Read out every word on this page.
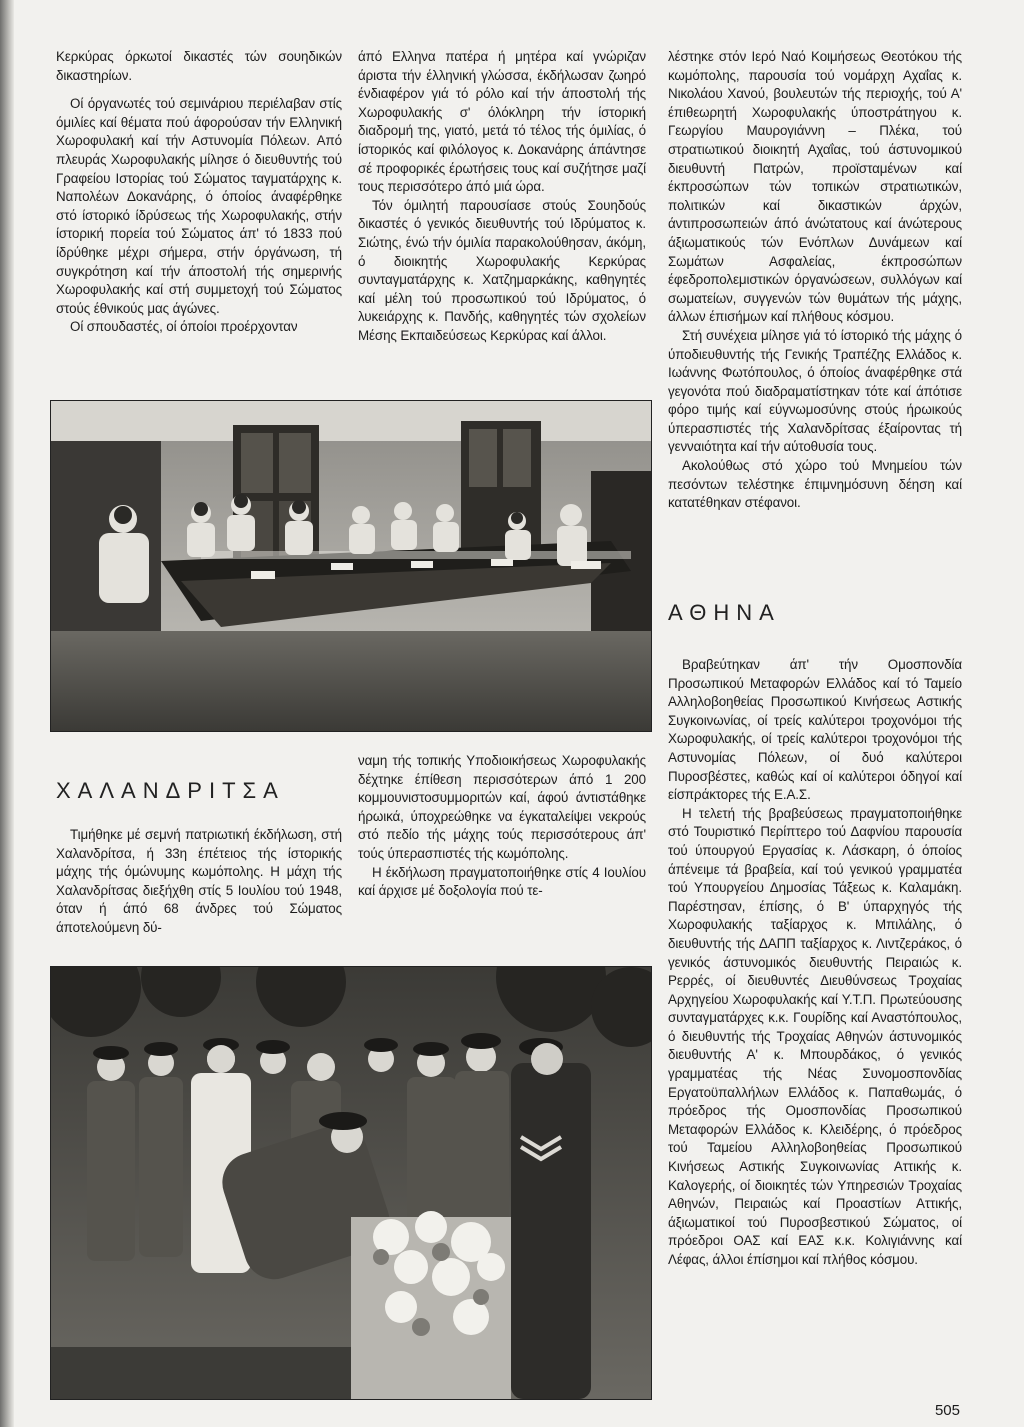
Κερκύρας όρκωτοί δικαστές τών σουηδικών δικαστηρίων.

Οί όργανωτές τού σεμινάριου περιέλαβαν στίς όμιλίες καί θέματα πού άφορούσαν τήν Ελληνική Χωροφυλακή καί τήν Αστυνομία Πόλεων. Από πλευράς Χωροφυλακής μίλησε ό διευθυντής τού Γραφείου Ιστορίας τού Σώματος ταγματάρχης κ. Ναπολέων Δοκανάρης, ό όποίος άναφέρθηκε στό ίστορικό ίδρύσεως τής Χωροφυλακής, στήν ίστορική πορεία τού Σώματος άπ' τό 1833 πού ίδρύθηκε μέχρι σήμερα, στήν όργάνωση, τή συγκρότηση καί τήν άποστολή τής σημερινής Χωροφυλακής καί στή συμμετοχή τού Σώματος στούς έθνικούς μας άγώνες.

Οί σπουδαστές, οί όποίοι προέρχονταν

άπό Ελληνα πατέρα ή μητέρα καί γνώριζαν άριστα τήν έλληνική γλώσσα, έκδήλωσαν ζωηρό ένδιαφέρον γιά τό ρόλο καί τήν άποστολή τής Χωροφυλακής σ' όλόκληρη τήν ίστορική διαδρομή της, γιατό, μετά τό τέλος τής όμιλίας, ό ίστορικός καί φιλόλογος κ. Δοκανάρης άπάντησε σέ προφορικές έρωτήσεις τους καί συζήτησε μαζί τους περισσότερο άπό μιά ώρα.

Τόν όμιλητή παρουσίασε στούς Σουηδούς δικαστές ό γενικός διευθυντής τού Ιδρύματος κ. Σιώτης, ένώ τήν όμιλία παρακολούθησαν, άκόμη, ό διοικητής Χωροφυλακής Κερκύρας συνταγματάρχης κ. Χατζημαρκάκης, καθηγητές καί μέλη τού προσωπικού τού Ιδρύματος, ό λυκειάρχης κ. Πανδής, καθηγητές τών σχολείων Μέσης Εκπαιδεύσεως Κερκύρας καί άλλοι.

λέστηκε στόν Ιερό Ναό Κοιμήσεως Θεοτόκου τής κωμόπολης, παρουσία τού νομάρχη Αχαΐας κ. Νικολάου Χανού, βουλευτών τής περιοχής, τού Α' έπιθεωρητή Χωροφυλακής ύποστράτηγου κ. Γεωργίου Μαυρογιάννη – Πλέκα, τού στρατιωτικού διοικητή Αχαΐας, τού άστυνομικού διευθυντή Πατρών, προϊσταμένων καί έκπροσώπων τών τοπικών στρατιωτικών, πολιτικών καί δικαστικών άρχών, άντιπροσωπειών άπό άνώτατους καί άνώτερους άξιωματικούς τών Ενόπλων Δυνάμεων καί Σωμάτων Ασφαλείας, έκπροσώπων έφεδροπολεμιστικών όργανώσεων, συλλόγων καί σωματείων, συγγενών τών θυμάτων τής μάχης, άλλων έπισήμων καί πλήθους κόσμου.

Στή συνέχεια μίλησε γιά τό ίστορικό τής μάχης ό ύποδιευθυντής τής Γενικής Τραπέζης Ελλάδος κ. Ιωάννης Φωτόπουλος, ό όποίος άναφέρθηκε στά γεγονότα πού διαδραματίστηκαν τότε καί άπότισε φόρο τιμής καί εύγνωμοσύνης στούς ήρωικούς ύπερασπιστές τής Χαλανδρίτσας έξαίροντας τή γενναιότητα καί τήν αύτοθυσία τους.

Ακολούθως στό χώρο τού Μνημείου τών πεσόντων τελέστηκε έπιμνημόσυνη δέηση καί κατατέθηκαν στέφανοι.

ΑΘΗΝΑ

Βραβεύτηκαν άπ' τήν Ομοσπονδία Προσωπικού Μεταφορών Ελλάδος καί τό Ταμείο Αλληλοβοηθείας Προσωπικού Κινήσεως Αστικής Συγκοινωνίας, οί τρείς καλύτεροι τροχονόμοι τής Χωροφυλακής, οί τρείς καλύτεροι τροχονόμοι τής Αστυνομίας Πόλεων, οί δυό καλύτεροι Πυροσβέστες, καθώς καί οί καλύτεροι όδηγοί καί είσπράκτορες τής Ε.Α.Σ.

Η τελετή τής βραβεύσεως πραγματοποιήθηκε στό Τουριστικό Περίπτερο τού Δαφνίου παρουσία τού ύπουργού Εργασίας κ. Λάσκαρη, ό όποίος άπένειμε τά βραβεία, καί τού γενικού γραμματέα τού Υπουργείου Δημοσίας Τάξεως κ. Καλαμάκη. Παρέστησαν, έπίσης, ό Β' ύπαρχηγός τής Χωροφυλακής ταξίαρχος κ. Μπιλάλης, ό διευθυντής τής ΔΑΠΠ ταξίαρχος κ. Λιντζεράκος, ό γενικός άστυνομικός διευθυντής Πειραιώς κ. Ρερρές, οί διευθυντές Διευθύνσεως Τροχαίας Αρχηγείου Χωροφυλακής καί Υ.Τ.Π. Πρωτεύουσης συνταγματάρχες κ.κ. Γουρίδης καί Αναστόπουλος, ό διευθυντής τής Τροχαίας Αθηνών άστυνομικός διευθυντής Α' κ. Μπουρδάκος, ό γενικός γραμματέας τής Νέας Συνομοσπονδίας Εργατοϋπαλλήλων Ελλάδος κ. Παπαθωμάς, ό πρόεδρος τής Ομοσπονδίας Προσωπικού Μεταφορών Ελλάδος κ. Κλειδέρης, ό πρόεδρος τού Ταμείου Αλληλοβοηθείας Προσωπικού Κινήσεως Αστικής Συγκοινωνίας Αττικής κ. Καλογερής, οί διοικητές τών Υπηρεσιών Τροχαίας Αθηνών, Πειραιώς καί Προαστίων Αττικής, άξιωματικοί τού Πυροσβεστικού Σώματος, οί πρόεδροι ΟΑΣ καί ΕΑΣ κ.κ. Κολιγιάννης καί Λέφας, άλλοι έπίσημοι καί πλήθος κόσμου.

ΧΑΛΑΝΔΡΙΤΣΑ

Τιμήθηκε μέ σεμνή πατριωτική έκδήλωση, στή Χαλανδρίτσα, ή 33η έπέτειος τής ίστορικής μάχης τής όμώνυμης κωμόπολης. Η μάχη τής Χαλανδρίτσας διεξήχθη στίς 5 Ιουλίου τού 1948, όταν ή άπό 68 άνδρες τού Σώματος άποτελούμενη δύ-

ναμη τής τοπικής Υποδιοικήσεως Χωροφυλακής δέχτηκε έπίθεση περισσότερων άπό 1 200 κομμουνιστοσυμμοριτών καί, άφού άντιστάθηκε ήρωικά, ύποχρεώθηκε να έγκαταλείψει νεκρούς στό πεδίο τής μάχης τούς περισσότερους άπ' τούς ύπερασπιστές τής κωμόπολης.

Η έκδήλωση πραγματοποιήθηκε στίς 4 Ιουλίου καί άρχισε μέ δοξολογία πού τε-

505
